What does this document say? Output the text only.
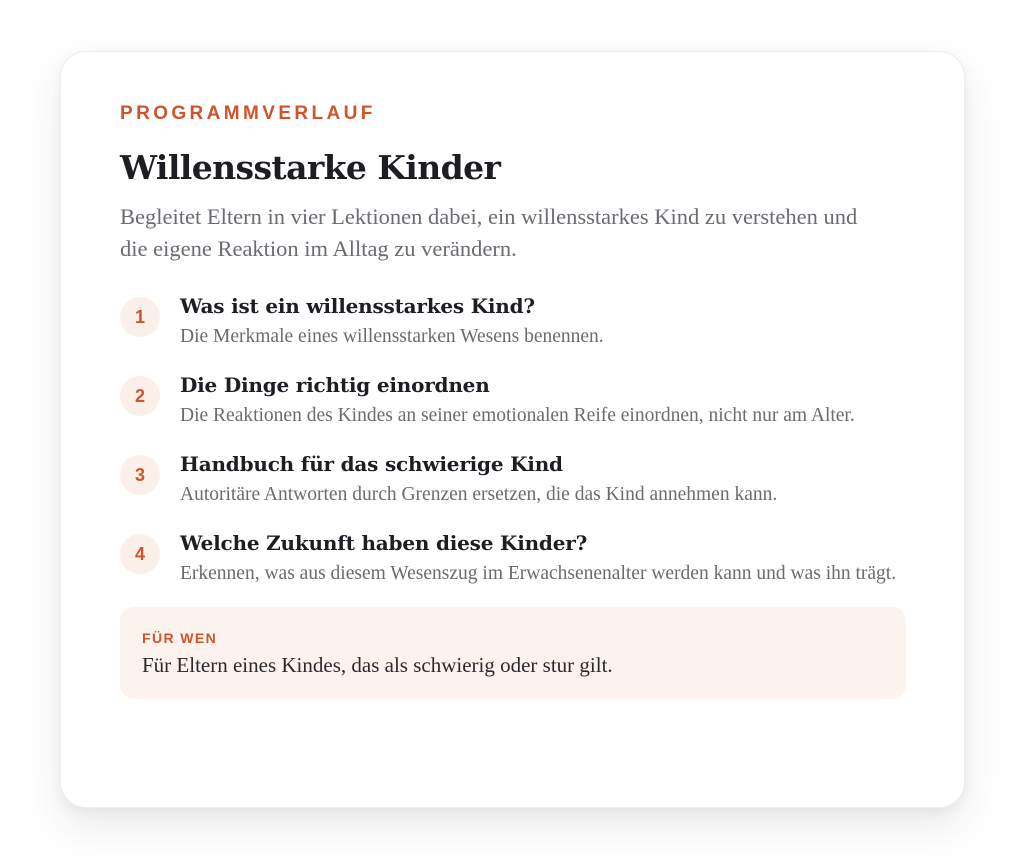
PROGRAMMVERLAUF

Willensstarke Kinder

Begleitet Eltern in vier Lektionen dabei, ein willensstarkes Kind zu verstehen und die eigene Reaktion im Alltag zu verändern.

1	Was ist ein willensstarkes Kind?
Die Merkmale eines willensstarken Wesens benennen.
2	Die Dinge richtig einordnen
Die Reaktionen des Kindes an seiner emotionalen Reife einordnen, nicht nur am Alter.
3	Handbuch für das schwierige Kind
Autoritäre Antworten durch Grenzen ersetzen, die das Kind annehmen kann.
4	Welche Zukunft haben diese Kinder?
Erkennen, was aus diesem Wesenszug im Erwachsenenalter werden kann und was ihn trägt.
FÜR WEN
Für Eltern eines Kindes, das als schwierig oder stur gilt.
